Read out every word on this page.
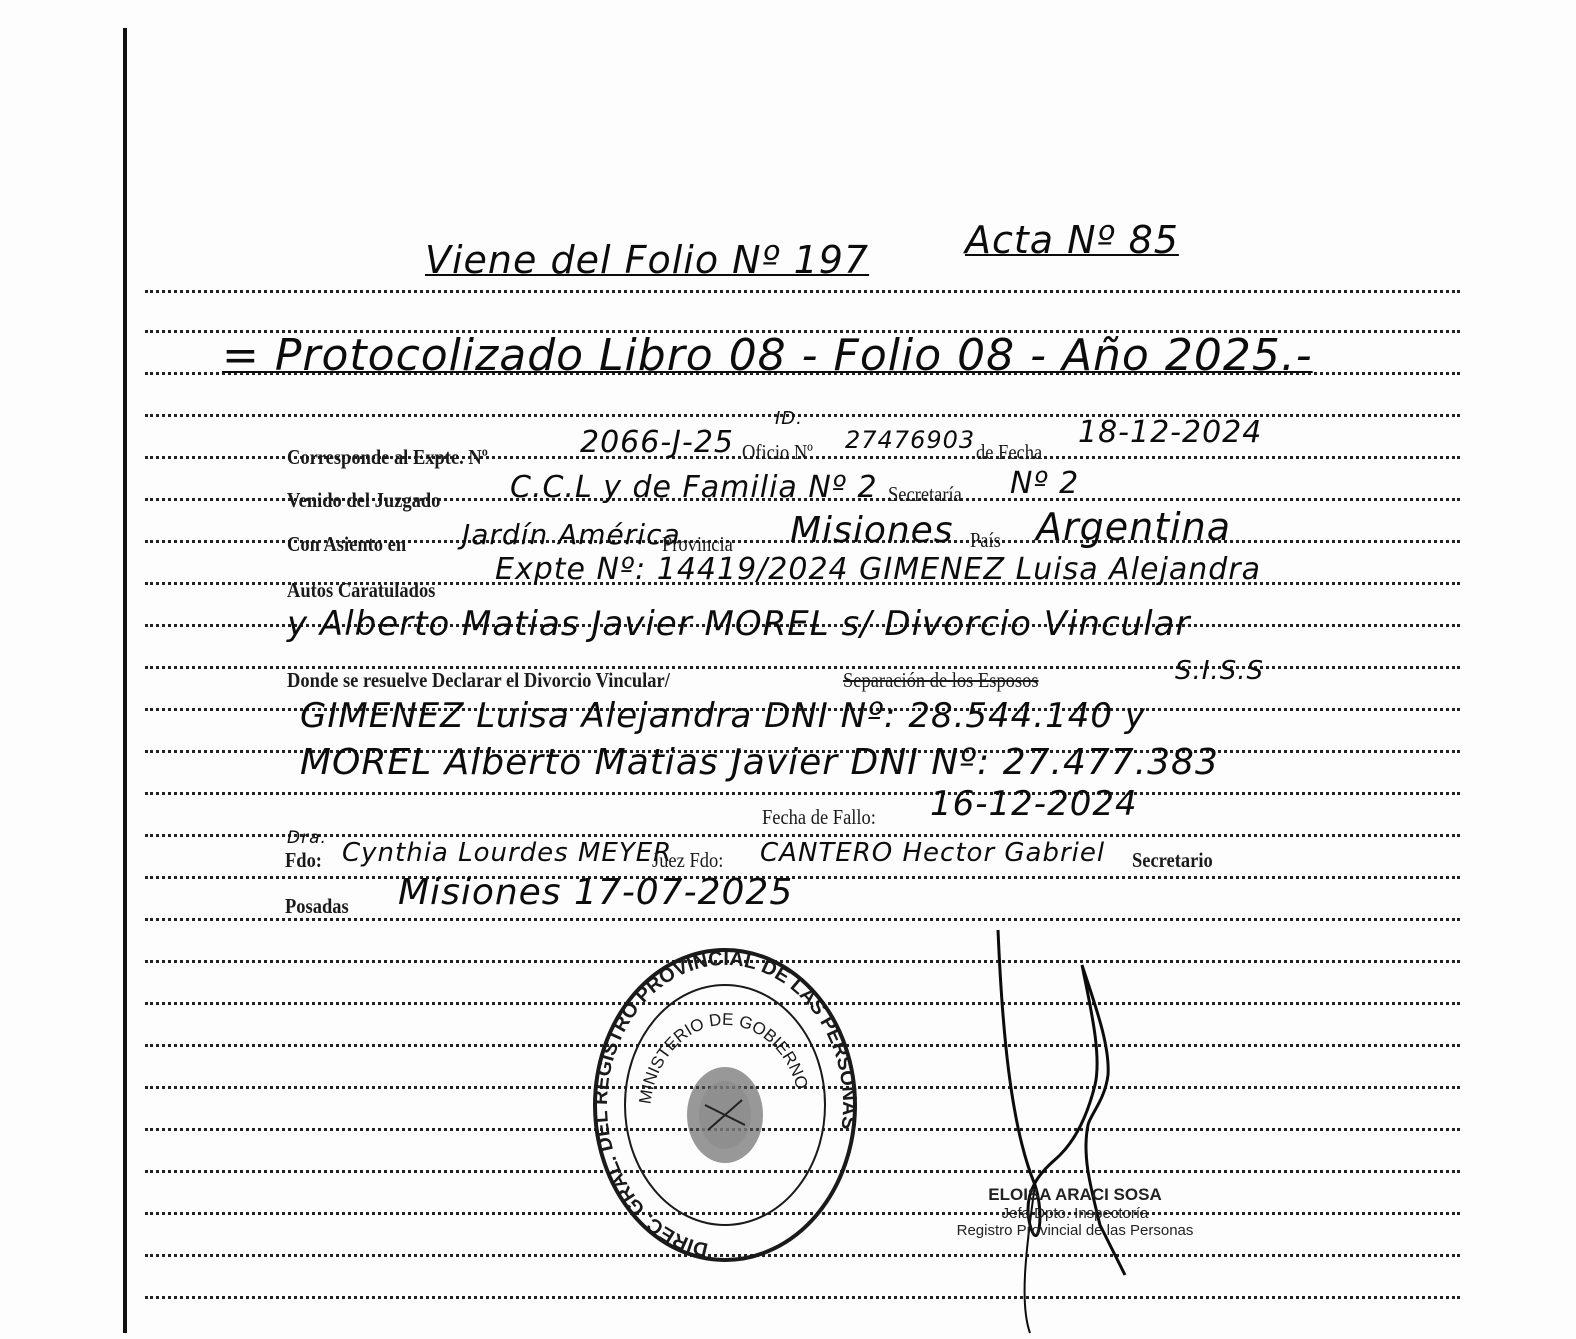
Viene del Folio Nº 197	Acta Nº 85
= Protocolizado Libro 08 - Folio 08 - Año 2025.-
Corresponde al Expte. Nº	2066-J-25
ID.
Oficio Nº 27476903 de Fecha
18-12-2024
Venido del Juzgado C.C.L y de Familia Nº 2 Secretaría Nº 2
Con Asiento en Jardín América
Provincia Misiones País Argentina
Autos Caratulados
Expte Nº: 14419/2024 GIMENEZ Luisa Alejandra
y Alberto Matias Javier MOREL s/ Divorcio Vincular
Donde se resuelve Declarar el Divorcio Vincular/	Separación de los Esposos	S.I.S.S
GIMENEZ Luisa Alejandra DNI Nº: 28.544.140 y
MOREL Alberto Matias Javier DNI Nº: 27.477.383
Fecha de Fallo: 16-12-2024
Dra.
Fdo: Cynthia Lourdes MEYER
Juez Fdo: CANTERO Hector Gabriel Secretario
Posadas Misiones 17-07-2025
DIREC. GRAL. DEL REGISTRO PROVINCIAL DE LAS PERSONAS
MINISTERIO DE GOBIERNO
ELOISA ARACI SOSA
Jefa Dpto. Inspectoría
Registro Provincial de las Personas
